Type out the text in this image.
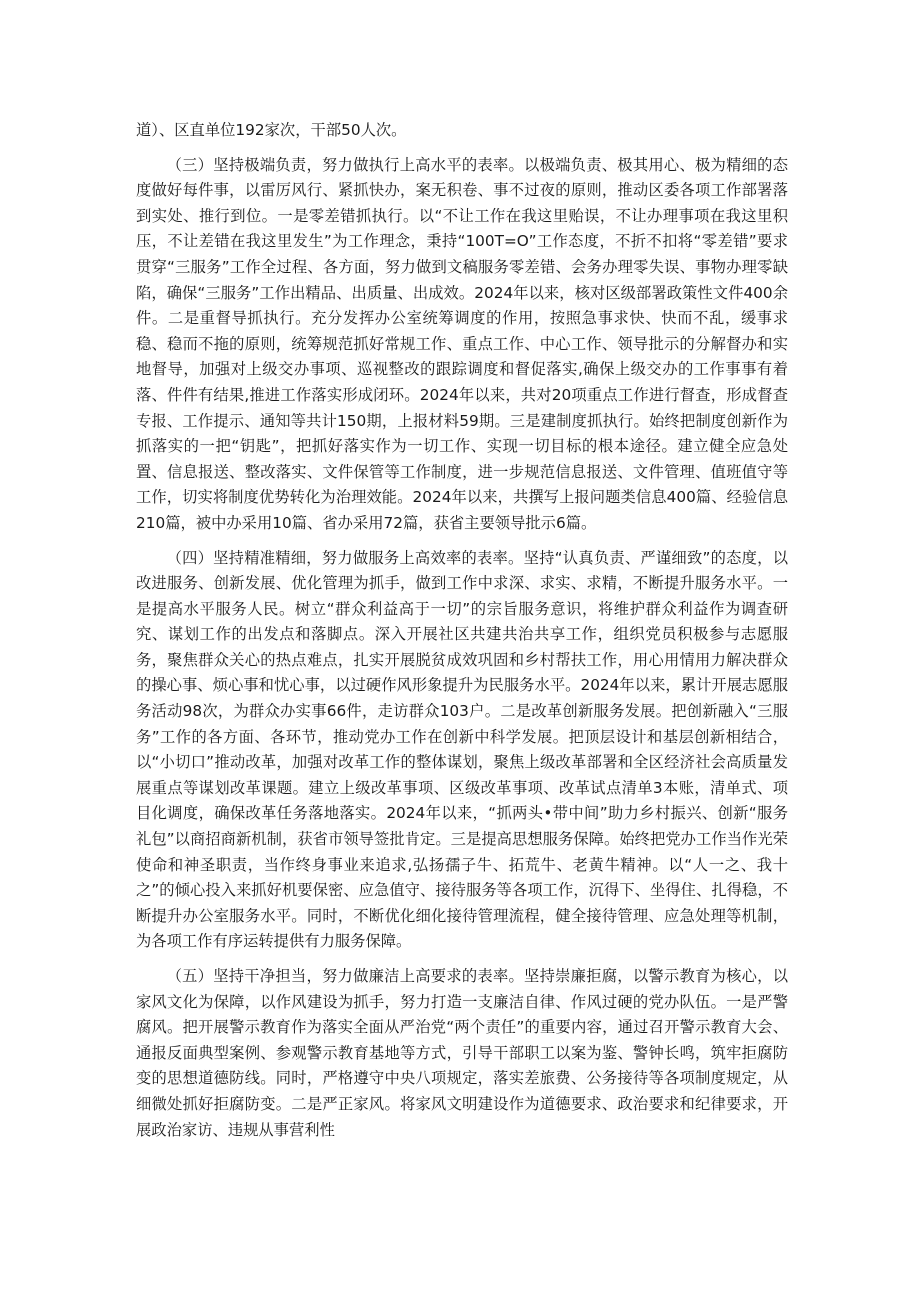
道）、区直单位192家次，干部50人次。

（三）坚持极端负责，努力做执行上高水平的表率。以极端负责、极其用心、极为精细的态度做好每件事，以雷厉风行、紧抓快办，案无积卷、事不过夜的原则，推动区委各项工作部署落到实处、推行到位。一是零差错抓执行。以“不让工作在我这里贻误，不让办理事项在我这里积压，不让差错在我这里发生”为工作理念，秉持“100T=O”工作态度，不折不扣将“零差错”要求贯穿“三服务”工作全过程、各方面，努力做到文稿服务零差错、会务办理零失误、事物办理零缺陷，确保“三服务”工作出精品、出质量、出成效。2024年以来，核对区级部署政策性文件400余件。二是重督导抓执行。充分发挥办公室统筹调度的作用，按照急事求快、快而不乱，缓事求稳、稳而不拖的原则，统筹规范抓好常规工作、重点工作、中心工作、领导批示的分解督办和实地督导，加强对上级交办事项、巡视整改的跟踪调度和督促落实,确保上级交办的工作事事有着落、件件有结果,推进工作落实形成闭环。2024年以来，共对20项重点工作进行督查，形成督查专报、工作提示、通知等共计150期，上报材料59期。三是建制度抓执行。始终把制度创新作为抓落实的一把“钥匙”，把抓好落实作为一切工作、实现一切目标的根本途径。建立健全应急处置、信息报送、整改落实、文件保管等工作制度，进一步规范信息报送、文件管理、值班值守等工作，切实将制度优势转化为治理效能。2024年以来，共撰写上报问题类信息400篇、经验信息210篇，被中办采用10篇、省办采用72篇，获省主要领导批示6篇。

（四）坚持精准精细，努力做服务上高效率的表率。坚持“认真负责、严谨细致”的态度，以改进服务、创新发展、优化管理为抓手，做到工作中求深、求实、求精，不断提升服务水平。一是提高水平服务人民。树立“群众利益高于一切”的宗旨服务意识，将维护群众利益作为调查研究、谋划工作的出发点和落脚点。深入开展社区共建共治共享工作，组织党员积极参与志愿服务，聚焦群众关心的热点难点，扎实开展脱贫成效巩固和乡村帮扶工作，用心用情用力解决群众的操心事、烦心事和忧心事，以过硬作风形象提升为民服务水平。2024年以来，累计开展志愿服务活动98次，为群众办实事66件，走访群众103户。二是改革创新服务发展。把创新融入“三服务”工作的各方面、各环节，推动党办工作在创新中科学发展。把顶层设计和基层创新相结合，以“小切口”推动改革，加强对改革工作的整体谋划，聚焦上级改革部署和全区经济社会高质量发展重点等谋划改革课题。建立上级改革事项、区级改革事项、改革试点清单3本账，清单式、项目化调度，确保改革任务落地落实。2024年以来，“抓两头•带中间”助力乡村振兴、创新“服务礼包”以商招商新机制，获省市领导签批肯定。三是提高思想服务保障。始终把党办工作当作光荣使命和神圣职责，当作终身事业来追求,弘扬孺子牛、拓荒牛、老黄牛精神。以“人一之、我十之”的倾心投入来抓好机要保密、应急值守、接待服务等各项工作，沉得下、坐得住、扎得稳，不断提升办公室服务水平。同时，不断优化细化接待管理流程，健全接待管理、应急处理等机制，为各项工作有序运转提供有力服务保障。

（五）坚持干净担当，努力做廉洁上高要求的表率。坚持崇廉拒腐，以警示教育为核心，以家风文化为保障，以作风建设为抓手，努力打造一支廉洁自律、作风过硬的党办队伍。一是严警腐风。把开展警示教育作为落实全面从严治党“两个责任”的重要内容，通过召开警示教育大会、通报反面典型案例、参观警示教育基地等方式，引导干部职工以案为鉴、警钟长鸣，筑牢拒腐防变的思想道德防线。同时，严格遵守中央八项规定，落实差旅费、公务接待等各项制度规定，从细微处抓好拒腐防变。二是严正家风。将家风文明建设作为道德要求、政治要求和纪律要求，开展政治家访、违规从事营利性
